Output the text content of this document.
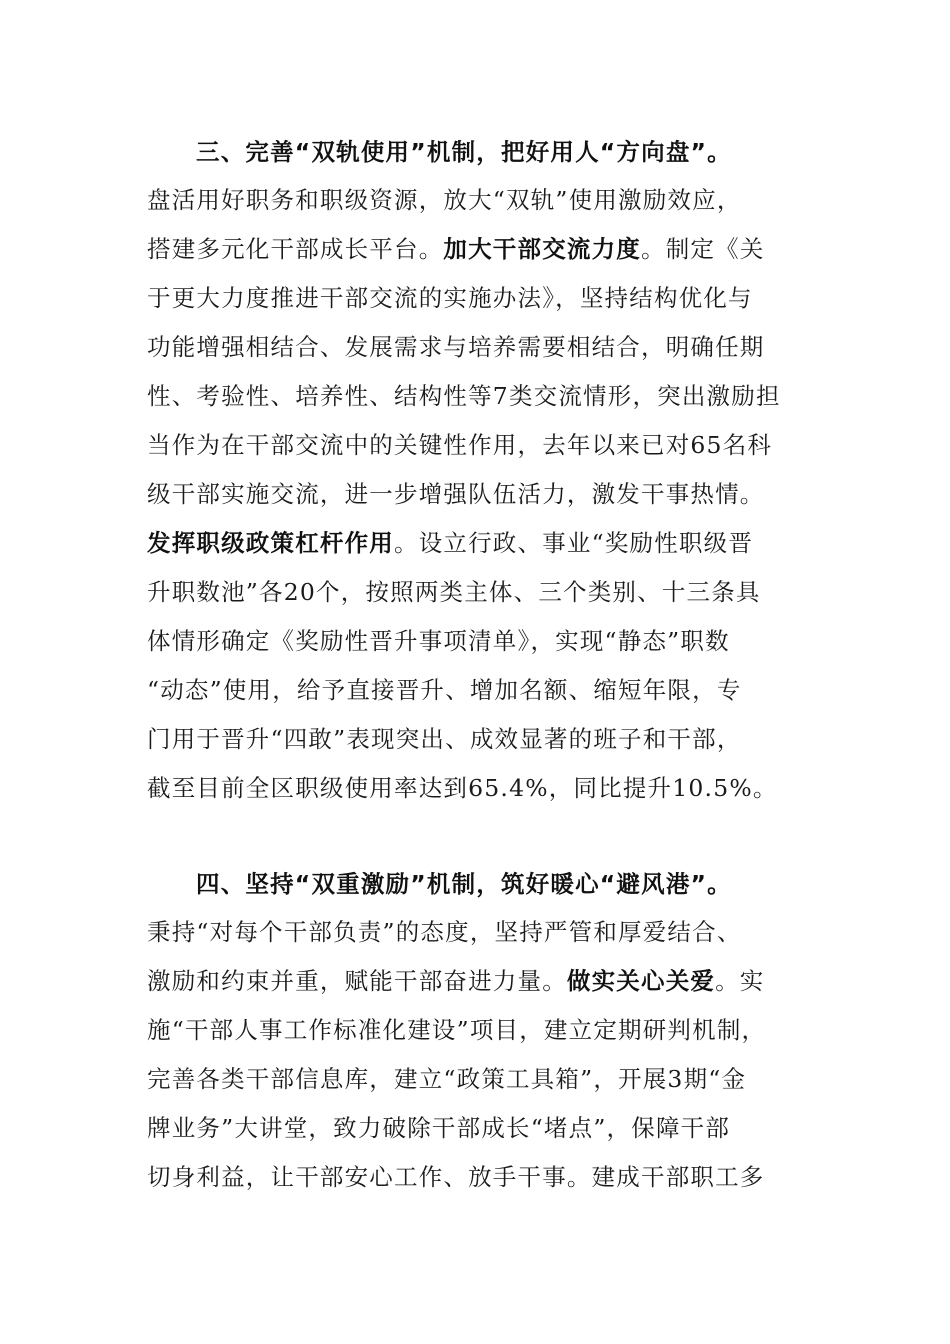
三、完善“双轨使用”机制，把好用人“方向盘”。
盘活用好职务和职级资源，放大“双轨”使用激励效应，
搭建多元化干部成长平台。加大干部交流力度。制定《关
于更大力度推进干部交流的实施办法》，坚持结构优化与
功能增强相结合、发展需求与培养需要相结合，明确任期
性、考验性、培养性、结构性等7类交流情形，突出激励担
当作为在干部交流中的关键性作用，去年以来已对65名科
级干部实施交流，进一步增强队伍活力，激发干事热情。
发挥职级政策杠杆作用。设立行政、事业“奖励性职级晋
升职数池”各20个，按照两类主体、三个类别、十三条具
体情形确定《奖励性晋升事项清单》，实现“静态”职数
“动态”使用，给予直接晋升、增加名额、缩短年限，专
门用于晋升“四敢”表现突出、成效显著的班子和干部，
截至目前全区职级使用率达到65.4%，同比提升10.5%。
四、坚持“双重激励”机制，筑好暖心“避风港”。
秉持“对每个干部负责”的态度，坚持严管和厚爱结合、
激励和约束并重，赋能干部奋进力量。做实关心关爱。实
施“干部人事工作标准化建设”项目，建立定期研判机制，
完善各类干部信息库，建立“政策工具箱”，开展3期“金
牌业务”大讲堂，致力破除干部成长“堵点”，保障干部
切身利益，让干部安心工作、放手干事。建成干部职工多
